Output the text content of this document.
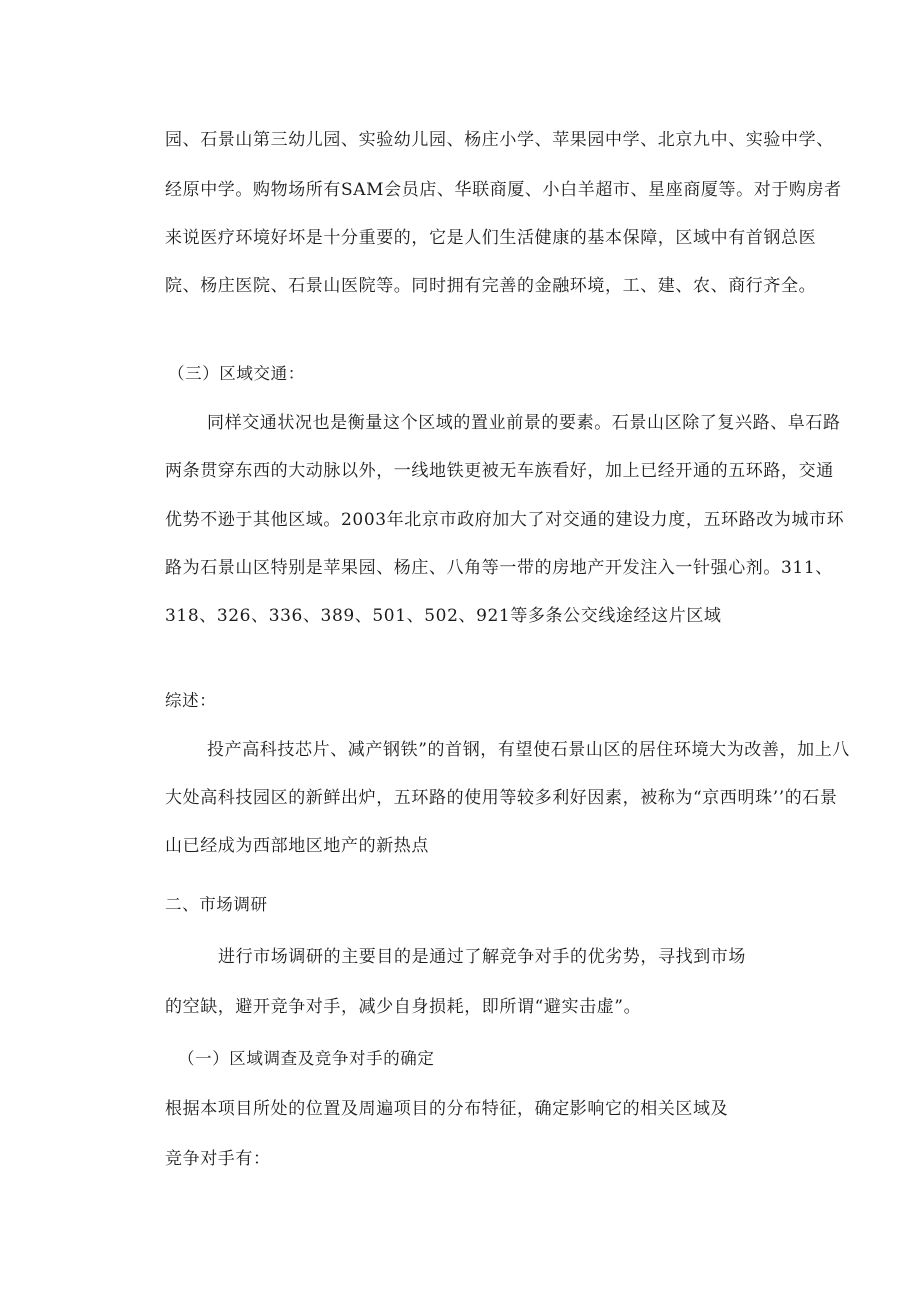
园、石景山第三幼儿园、实验幼儿园、杨庄小学、苹果园中学、北京九中、实验中学、
经原中学。购物场所有SAM会员店、华联商厦、小白羊超市、星座商厦等。对于购房者
来说医疗环境好坏是十分重要的，它是人们生活健康的基本保障，区域中有首钢总医
院、杨庄医院、石景山医院等。同时拥有完善的金融环境，工、建、农、商行齐全。
（三）区域交通：
同样交通状况也是衡量这个区域的置业前景的要素。石景山区除了复兴路、阜石路
两条贯穿东西的大动脉以外，一线地铁更被无车族看好，加上已经开通的五环路，交通
优势不逊于其他区域。2003年北京市政府加大了对交通的建设力度，五环路改为城市环
路为石景山区特别是苹果园、杨庄、八角等一带的房地产开发注入一针强心剂。311、
318、326、336、389、501、502、921等多条公交线途经这片区域
综述：
投产高科技芯片、减产钢铁”的首钢，有望使石景山区的居住环境大为改善，加上八
大处高科技园区的新鲜出炉，五环路的使用等较多利好因素，被称为“京西明珠’’的石景
山已经成为西部地区地产的新热点
二、市场调研
进行市场调研的主要目的是通过了解竞争对手的优劣势，寻找到市场
的空缺，避开竞争对手，减少自身损耗，即所谓“避实击虚”。
（一）区域调查及竞争对手的确定
根据本项目所处的位置及周遍项目的分布特征，确定影响它的相关区域及
竞争对手有：
